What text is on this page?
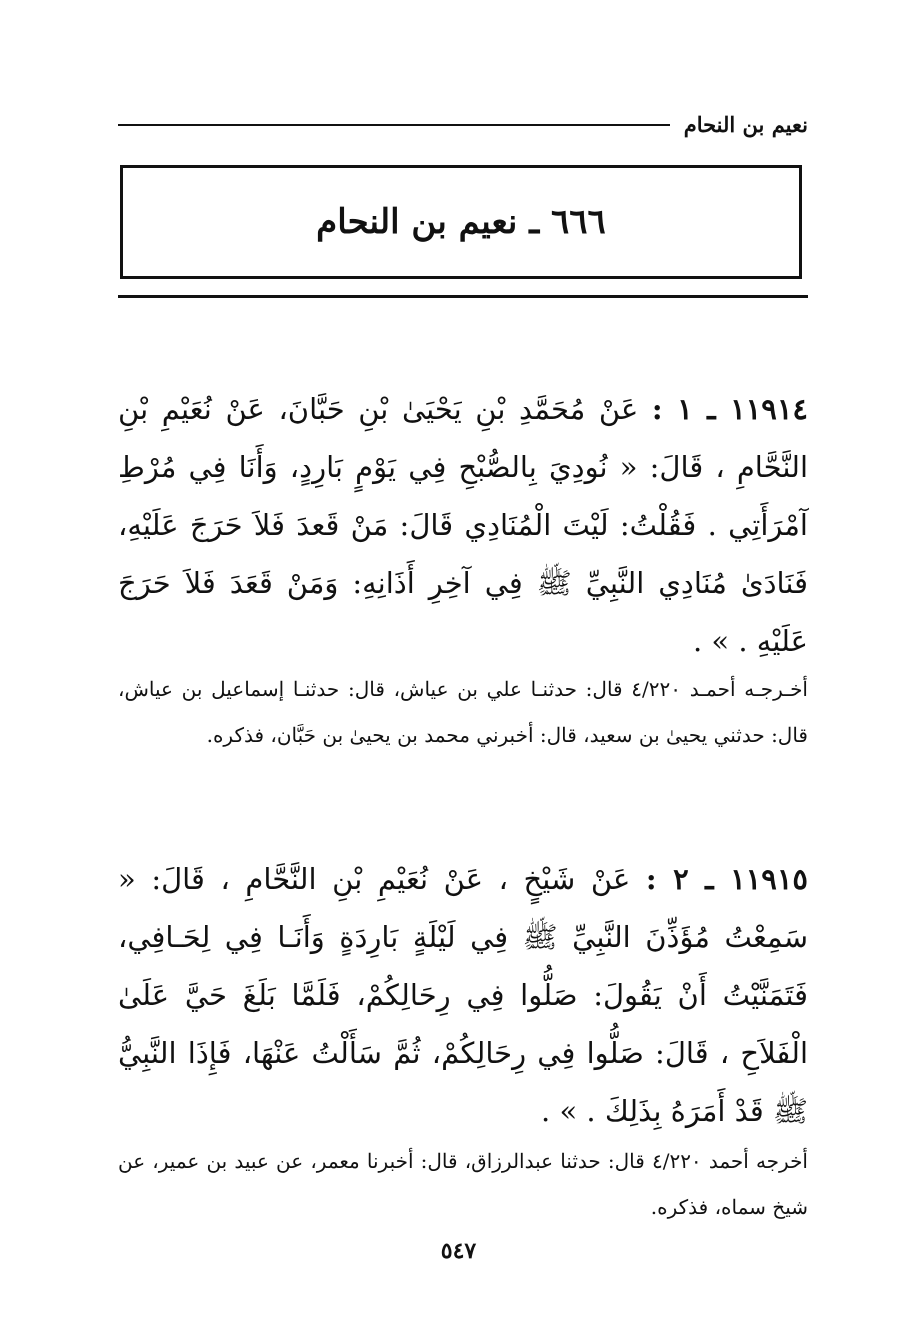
نعيم بن النحام
٦٦٦ ـ نعيم بن النحام
١١٩١٤ ـ ١ : عَنْ مُحَمَّدِ بْنِ يَحْيَىٰ بْنِ حَبَّانَ، عَنْ نُعَيْمِ بْنِ النَّحَّامِ ، قَالَ: « نُودِيَ بِالصُّبْحِ فِي يَوْمٍ بَارِدٍ، وَأَنَا فِي مُرْطِ آمْرَأَتِي . فَقُلْتُ: لَيْتَ الْمُنَادِي قَالَ: مَنْ قَعدَ فَلاَ حَرَجَ عَلَيْهِ، فَنَادَىٰ مُنَادِي النَّبِيِّ ﷺ فِي آخِرِ أَذَانِهِ: وَمَنْ قَعَدَ فَلاَ حَرَجَ عَلَيْهِ . » .
أخـرجـه أحمـد ٤/٢٢٠ قال: حدثنـا علي بن عياش، قال: حدثنـا إسماعيل بن عياش، قال: حدثني يحيىٰ بن سعيد، قال: أخبرني محمد بن يحيىٰ بن حَبَّان، فذكره.
١١٩١٥ ـ ٢ : عَنْ شَيْخٍ ، عَنْ نُعَيْمِ بْنِ النَّحَّامِ ، قَالَ: « سَمِعْتُ مُؤَذِّنَ النَّبِيِّ ﷺ فِي لَيْلَةٍ بَارِدَةٍ وَأَنَـا فِي لِحَـافِي، فَتَمَنَّيْتُ أَنْ يَقُولَ: صَلُّوا فِي رِحَالِكُمْ، فَلَمَّا بَلَغَ حَيَّ عَلَىٰ الْفَلاَحِ ، قَالَ: صَلُّوا فِي رِحَالِكُمْ، ثُمَّ سَأَلْتُ عَنْهَا، فَإِذَا النَّبِيُّ ﷺ قَدْ أَمَرَهُ بِذَلِكَ . » .
أخرجه أحمد ٤/٢٢٠ قال: حدثنا عبدالرزاق، قال: أخبرنا معمر، عن عبيد بن عمير، عن شيخ سماه، فذكره.
٥٤٧
